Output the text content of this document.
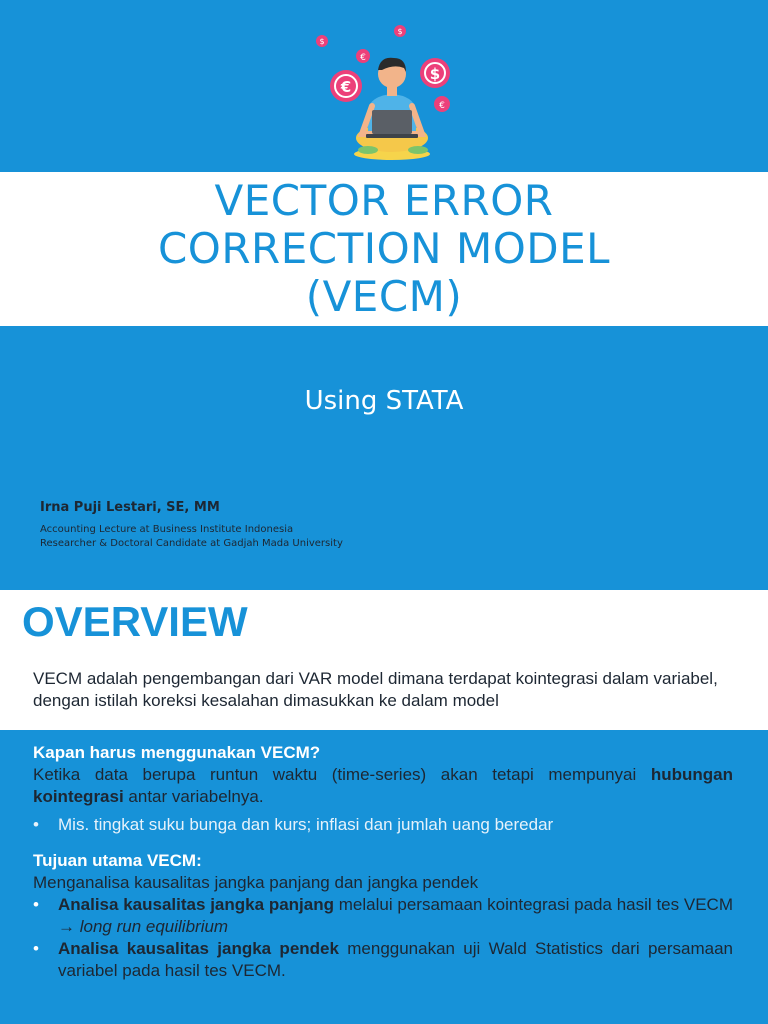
$
$
€
€
$
€
VECTOR ERROR
CORRECTION MODEL
(VECM)
Using STATA
Irna Puji Lestari, SE, MM
Accounting Lecture at Business Institute Indonesia
Researcher & Doctoral Candidate at Gadjah Mada University
OVERVIEW
VECM adalah pengembangan dari VAR model dimana terdapat kointegrasi dalam variabel, dengan istilah koreksi kesalahan dimasukkan ke dalam model
Kapan harus menggunakan VECM?
Ketika data berupa runtun waktu (time-series) akan tetapi mempunyai hubungan kointegrasi antar variabelnya.
• Mis. tingkat suku bunga dan kurs; inflasi dan jumlah uang beredar
Tujuan utama VECM:
Menganalisa kausalitas jangka panjang dan jangka pendek
• Analisa kausalitas jangka panjang melalui persamaan kointegrasi pada hasil tes VECM → long run equilibrium
• Analisa kausalitas jangka pendek menggunakan uji Wald Statistics dari persamaan variabel pada hasil tes VECM.
